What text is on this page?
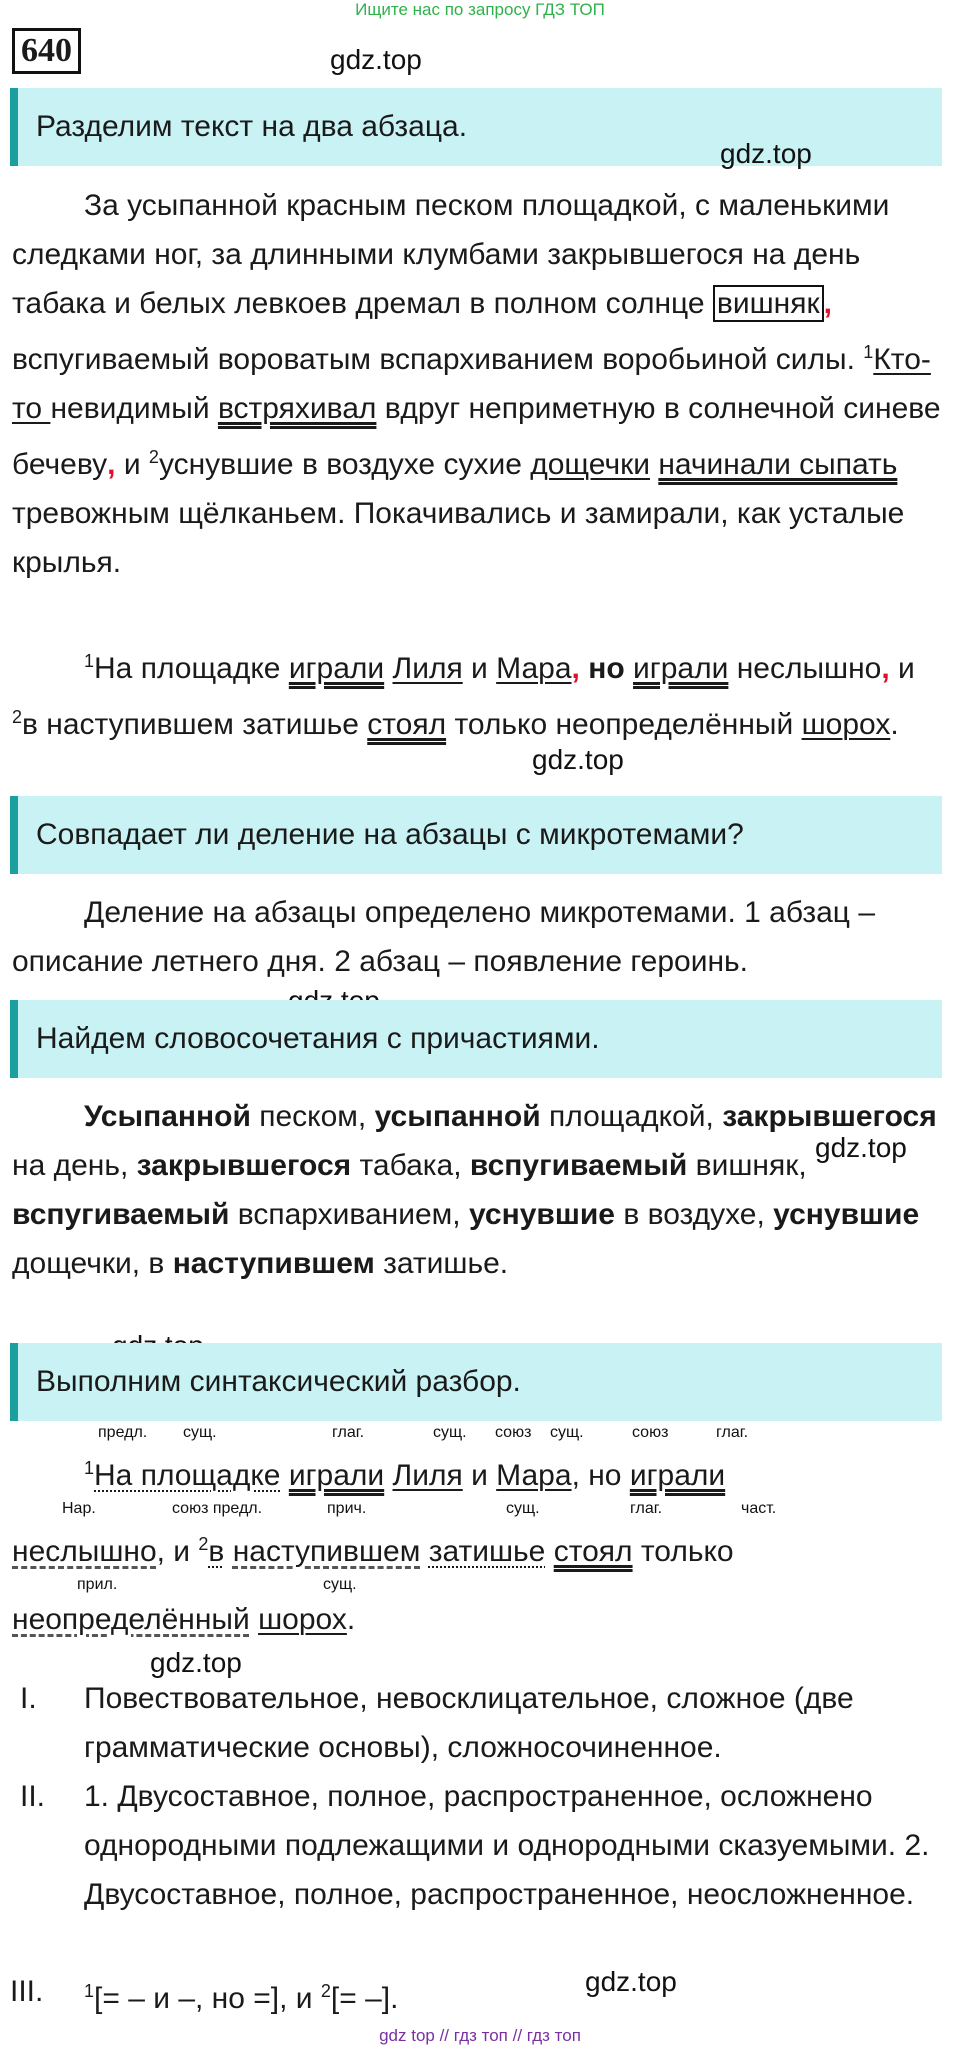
Ищите нас по запросу ГДЗ ТОП
640	gdz.top
Разделим текст на два абзаца.
gdz.top
За усыпанной красным песком площадкой, с маленькими следками ног, за длинными клумбами закрывшегося на день табака и белых левкоев дремал в полном солнце вишняк , вспугиваемый вороватым вспархиванием воробьиной силы. $^1$Кто-то невидимый встряхивал вдруг неприметную в солнечной синеве бечеву, и $^2$уснувшие в воздухе сухие дощечки начинали сыпать тревожным щёлканьем. Покачивались и замирали, как усталые крылья.
$^1$На площадке играли Лиля и Мара, но играли неслышно, и $^2$в наступившем затишье стоял только неопределённый шорох.
gdz.top
Совпадает ли деление на абзацы с микротемами?
Деление на абзацы определено микротемами. 1 абзац – описание летнего дня. 2 абзац – появление героинь.
Найдем словосочетания с причастиями.
Усыпанной песком, усыпанной площадкой, закрывшегося на день, закрывшегося табака, вспугиваемый вишняк, вспугиваемый вспархиванием, уснувшие в воздухе, уснувшие дощечки, в наступившем затишье.
gdz.top
Выполним синтаксический разбор.
предл. сущ.	глаг.	сущ. союз сущ.	союз	глаг.
$^1$На площадке играли Лиля и Мара, но играли
Нар.	союз предл.	прич.	сущ.	глаг.	част.
неслышно, и $^2$в наступившем затишье стоял только
прил.	сущ.
неопределённый шорох.
gdz.top
I. Повествовательное, невосклицательное, сложное (две грамматические основы), сложносочиненное.
II. 1. Двусоставное, полное, распространенное, осложнено однородными подлежащими и однородными сказуемыми. 2. Двусоставное, полное, распространенное, неосложненное.
III. $^1$[= – и –, но =], и $^2$[= –].
gdz.top
gdz top // гдз топ // гдз топ
